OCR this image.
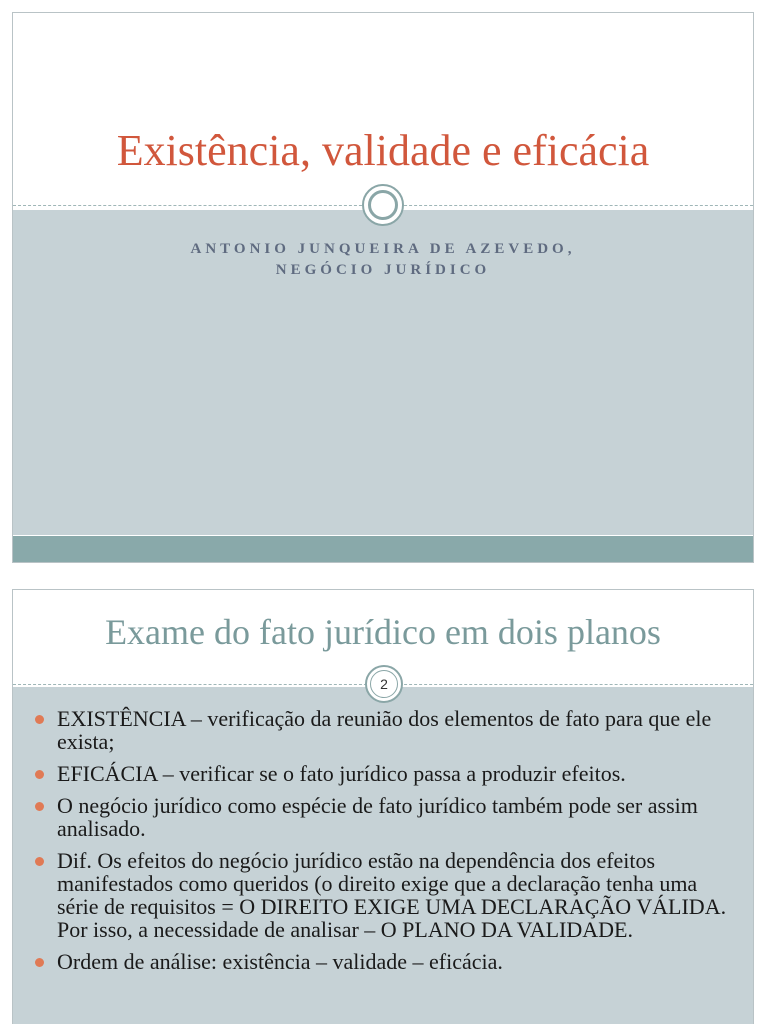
Existência, validade e eficácia
ANTONIO JUNQUEIRA DE AZEVEDO,
NEGÓCIO JURÍDICO
Exame do fato jurídico em dois planos
EXISTÊNCIA – verificação da reunião dos elementos de fato para que ele exista;
EFICÁCIA – verificar se o fato jurídico passa a produzir efeitos.
O negócio jurídico como espécie de fato jurídico também pode ser assim analisado.
Dif. Os efeitos do negócio jurídico estão na dependência dos efeitos manifestados como queridos (o direito exige que a declaração tenha uma série de requisitos = O DIREITO EXIGE UMA DECLARAÇÃO VÁLIDA. Por isso, a necessidade de analisar – O PLANO DA VALIDADE.
Ordem de análise: existência – validade – eficácia.
2
